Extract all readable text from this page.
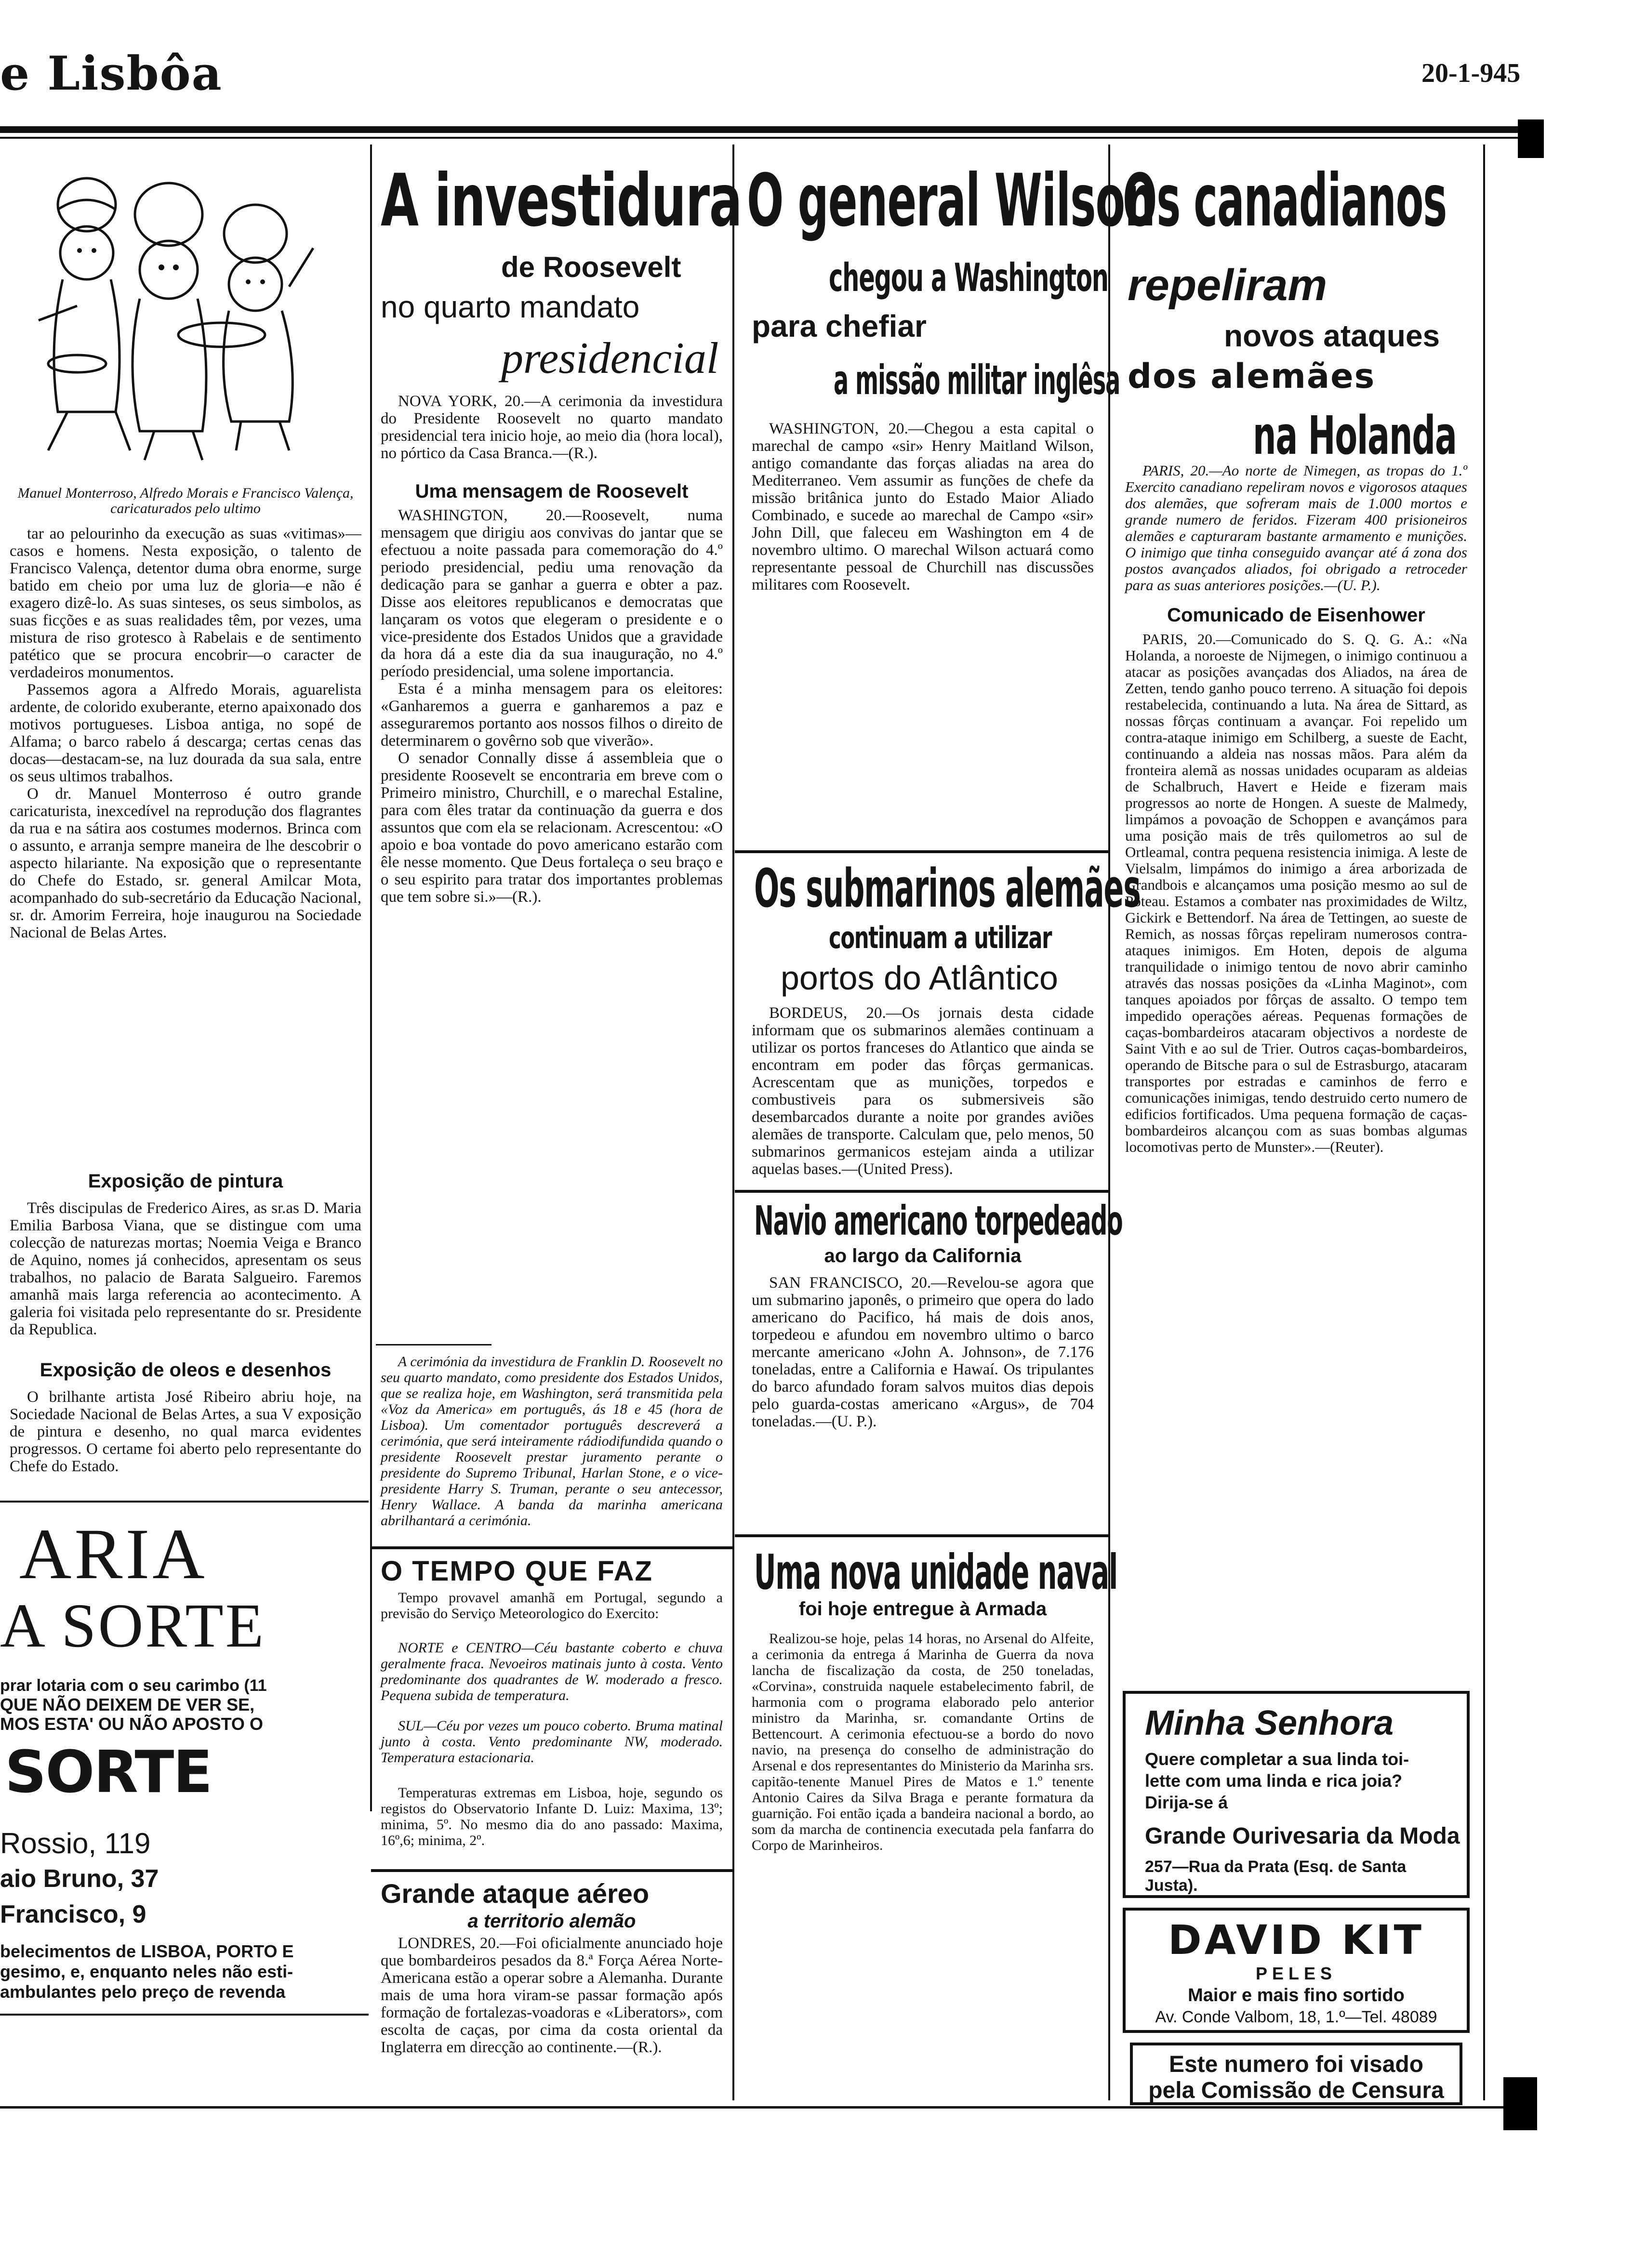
e Lisbôa	20-1-945
Manuel Monterroso, Alfredo Morais e Francisco Valença, caricaturados pelo ultimo

tar ao pelourinho da execução as suas «vitimas»—casos e homens. Nesta exposição, o talento de Francisco Valença, detentor duma obra enorme, surge batido em cheio por uma luz de gloria—e não é exagero dizê-lo. As suas sinteses, os seus simbolos, as suas ficções e as suas realidades têm, por vezes, uma mistura de riso grotesco à Rabelais e de sentimento patético que se procura encobrir—o caracter de verdadeiros monumentos.

Passemos agora a Alfredo Morais, aguarelista ardente, de colorido exuberante, eterno apaixonado dos motivos portugueses. Lisboa antiga, no sopé de Alfama; o barco rabelo á descarga; certas cenas das docas—destacam-se, na luz dourada da sua sala, entre os seus ultimos trabalhos.

O dr. Manuel Monterroso é outro grande caricaturista, inexcedível na reprodução dos flagrantes da rua e na sátira aos costumes modernos. Brinca com o assunto, e arranja sempre maneira de lhe descobrir o aspecto hilariante. Na exposição que o representante do Chefe do Estado, sr. general Amilcar Mota, acompanhado do sub-secretário da Educação Nacional, sr. dr. Amorim Ferreira, hoje inaugurou na Sociedade Nacional de Belas Artes.

Exposição de pintura

Três discipulas de Frederico Aires, as sr.as D. Maria Emilia Barbosa Viana, que se distingue com uma colecção de naturezas mortas; Noemia Veiga e Branco de Aquino, nomes já conhecidos, apresentam os seus trabalhos, no palacio de Barata Salgueiro. Faremos amanhã mais larga referencia ao acontecimento. A galeria foi visitada pelo representante do sr. Presidente da Republica.

Exposição de oleos e desenhos

O brilhante artista José Ribeiro abriu hoje, na Sociedade Nacional de Belas Artes, a sua V exposição de pintura e desenho, no qual marca evidentes progressos. O certame foi aberto pelo representante do Chefe do Estado.

ARIA
A SORTE
prar lotaria com o seu carimbo (11
QUE NÃO DEIXEM DE VER SE,
MOS ESTA' OU NÃO APOSTO O
SORTE
Rossio, 119
aio Bruno, 37
Francisco, 9
belecimentos de LISBOA, PORTO E
gesimo, e, enquanto neles não esti-
ambulantes pelo preço de revenda
A investidura
de Roosevelt
no quarto mandato
presidencial

NOVA YORK, 20.—A cerimonia da investidura do Presidente Roosevelt no quarto mandato presidencial tera inicio hoje, ao meio dia (hora local), no pórtico da Casa Branca.—(R.).

Uma mensagem de Roosevelt

WASHINGTON, 20.—Roosevelt, numa mensagem que dirigiu aos convivas do jantar que se efectuou a noite passada para comemoração do 4.º periodo presidencial, pediu uma renovação da dedicação para se ganhar a guerra e obter a paz. Disse aos eleitores republicanos e democratas que lançaram os votos que elegeram o presidente e o vice-presidente dos Estados Unidos que a gravidade da hora dá a este dia da sua inauguração, no 4.º período presidencial, uma solene importancia.

Esta é a minha mensagem para os eleitores: «Ganharemos a guerra e ganharemos a paz e asseguraremos portanto aos nossos filhos o direito de determinarem o govêrno sob que viverão».

O senador Connally disse á assembleia que o presidente Roosevelt se encontraria em breve com o Primeiro ministro, Churchill, e o marechal Estaline, para com êles tratar da continuação da guerra e dos assuntos que com ela se relacionam. Acrescentou: «O apoio e boa vontade do povo americano estarão com êle nesse momento. Que Deus fortaleça o seu braço e o seu espirito para tratar dos importantes problemas que tem sobre si.»—(R.).

A cerimónia da investidura de Franklin D. Roosevelt no seu quarto mandato, como presidente dos Estados Unidos, que se realiza hoje, em Washington, será transmitida pela «Voz da America» em português, ás 18 e 45 (hora de Lisboa). Um comentador português descreverá a cerimónia, que será inteiramente rádiodifundida quando o presidente Roosevelt prestar juramento perante o presidente do Supremo Tribunal, Harlan Stone, e o vice-presidente Harry S. Truman, perante o seu antecessor, Henry Wallace. A banda da marinha americana abrilhantará a cerimónia.

O TEMPO QUE FAZ

Tempo provavel amanhã em Portugal, segundo a previsão do Serviço Meteorologico do Exercito:

NORTE e CENTRO—Céu bastante coberto e chuva geralmente fraca. Nevoeiros matinais junto à costa. Vento predominante dos quadrantes de W. moderado a fresco. Pequena subida de temperatura.

SUL—Céu por vezes um pouco coberto. Bruma matinal junto à costa. Vento predominante NW, moderado. Temperatura estacionaria.

Temperaturas extremas em Lisboa, hoje, segundo os registos do Observatorio Infante D. Luiz: Maxima, 13º; minima, 5º. No mesmo dia do ano passado: Maxima, 16º,6; minima, 2º.

Grande ataque aéreo
a territorio alemão

LONDRES, 20.—Foi oficialmente anunciado hoje que bombardeiros pesados da 8.ª Força Aérea Norte-Americana estão a operar sobre a Alemanha. Durante mais de uma hora viram-se passar formação após formação de fortalezas-voadoras e «Liberators», com escolta de caças, por cima da costa oriental da Inglaterra em direcção ao continente.—(R.).

O general Wilson
chegou a Washington
para chefiar
a missão militar inglêsa

WASHINGTON, 20.—Chegou a esta capital o marechal de campo «sir» Henry Maitland Wilson, antigo comandante das forças aliadas na area do Mediterraneo. Vem assumir as funções de chefe da missão britânica junto do Estado Maior Aliado Combinado, e sucede ao marechal de Campo «sir» John Dill, que faleceu em Washington em 4 de novembro ultimo. O marechal Wilson actuará como representante pessoal de Churchill nas discussões militares com Roosevelt.

Os submarinos alemães
continuam a utilizar
portos do Atlântico

BORDEUS, 20.—Os jornais desta cidade informam que os submarinos alemães continuam a utilizar os portos franceses do Atlantico que ainda se encontram em poder das fôrças germanicas. Acrescentam que as munições, torpedos e combustiveis para os submersiveis são desembarcados durante a noite por grandes aviões alemães de transporte. Calculam que, pelo menos, 50 submarinos germanicos estejam ainda a utilizar aquelas bases.—(United Press).

Navio americano torpedeado
ao largo da California

SAN FRANCISCO, 20.—Revelou-se agora que um submarino japonês, o primeiro que opera do lado americano do Pacifico, há mais de dois anos, torpedeou e afundou em novembro ultimo o barco mercante americano «John A. Johnson», de 7.176 toneladas, entre a California e Hawaí. Os tripulantes do barco afundado foram salvos muitos dias depois pelo guarda-costas americano «Argus», de 704 toneladas.—(U. P.).

Uma nova unidade naval
foi hoje entregue à Armada

Realizou-se hoje, pelas 14 horas, no Arsenal do Alfeite, a cerimonia da entrega á Marinha de Guerra da nova lancha de fiscalização da costa, de 250 toneladas, «Corvina», construida naquele estabelecimento fabril, de harmonia com o programa elaborado pelo anterior ministro da Marinha, sr. comandante Ortins de Bettencourt. A cerimonia efectuou-se a bordo do novo navio, na presença do conselho de administração do Arsenal e dos representantes do Ministerio da Marinha srs. capitão-tenente Manuel Pires de Matos e 1.º tenente Antonio Caires da Silva Braga e perante formatura da guarnição. Foi então içada a bandeira nacional a bordo, ao som da marcha de continencia executada pela fanfarra do Corpo de Marinheiros.

Os canadianos
repeliram
novos ataques
dos alemães
na Holanda

PARIS, 20.—Ao norte de Nimegen, as tropas do 1.º Exercito canadiano repeliram novos e vigorosos ataques dos alemães, que sofreram mais de 1.000 mortos e grande numero de feridos. Fizeram 400 prisioneiros alemães e capturaram bastante armamento e munições. O inimigo que tinha conseguido avançar até á zona dos postos avançados aliados, foi obrigado a retroceder para as suas anteriores posições.—(U. P.).

Comunicado de Eisenhower

PARIS, 20.—Comunicado do S. Q. G. A.: «Na Holanda, a noroeste de Nijmegen, o inimigo continuou a atacar as posições avançadas dos Aliados, na área de Zetten, tendo ganho pouco terreno. A situação foi depois restabelecida, continuando a luta. Na área de Sittard, as nossas fôrças continuam a avançar. Foi repelido um contra-ataque inimigo em Schilberg, a sueste de Eacht, continuando a aldeia nas nossas mãos. Para além da fronteira alemã as nossas unidades ocuparam as aldeias de Schalbruch, Havert e Heide e fizeram mais progressos ao norte de Hongen. A sueste de Malmedy, limpámos a povoação de Schoppen e avançámos para uma posição mais de três quilometros ao sul de Ortleamal, contra pequena resistencia inimiga. A leste de Vielsalm, limpámos do inimigo a área arborizada de Grandbois e alcançamos uma posição mesmo ao sul de Poteau. Estamos a combater nas proximidades de Wiltz, Gickirk e Bettendorf. Na área de Tettingen, ao sueste de Remich, as nossas fôrças repeliram numerosos contra-ataques inimigos. Em Hoten, depois de alguma tranquilidade o inimigo tentou de novo abrir caminho através das nossas posições da «Linha Maginot», com tanques apoiados por fôrças de assalto. O tempo tem impedido operações aéreas. Pequenas formações de caças-bombardeiros atacaram objectivos a nordeste de Saint Vith e ao sul de Trier. Outros caças-bombardeiros, operando de Bitsche para o sul de Estrasburgo, atacaram transportes por estradas e caminhos de ferro e comunicações inimigas, tendo destruido certo numero de edificios fortificados. Uma pequena formação de caças-bombardeiros alcançou com as suas bombas algumas locomotivas perto de Munster».—(Reuter).

Minha Senhora
Quere completar a sua linda toi-
lette com uma linda e rica joia?
Dirija-se á
Grande Ourivesaria da Moda
257—Rua da Prata (Esq. de Santa Justa).
DAVID KIT
PELES
Maior e mais fino sortido
Av. Conde Valbom, 18, 1.º—Tel. 48089
Este numero foi visado
pela Comissão de Censura
